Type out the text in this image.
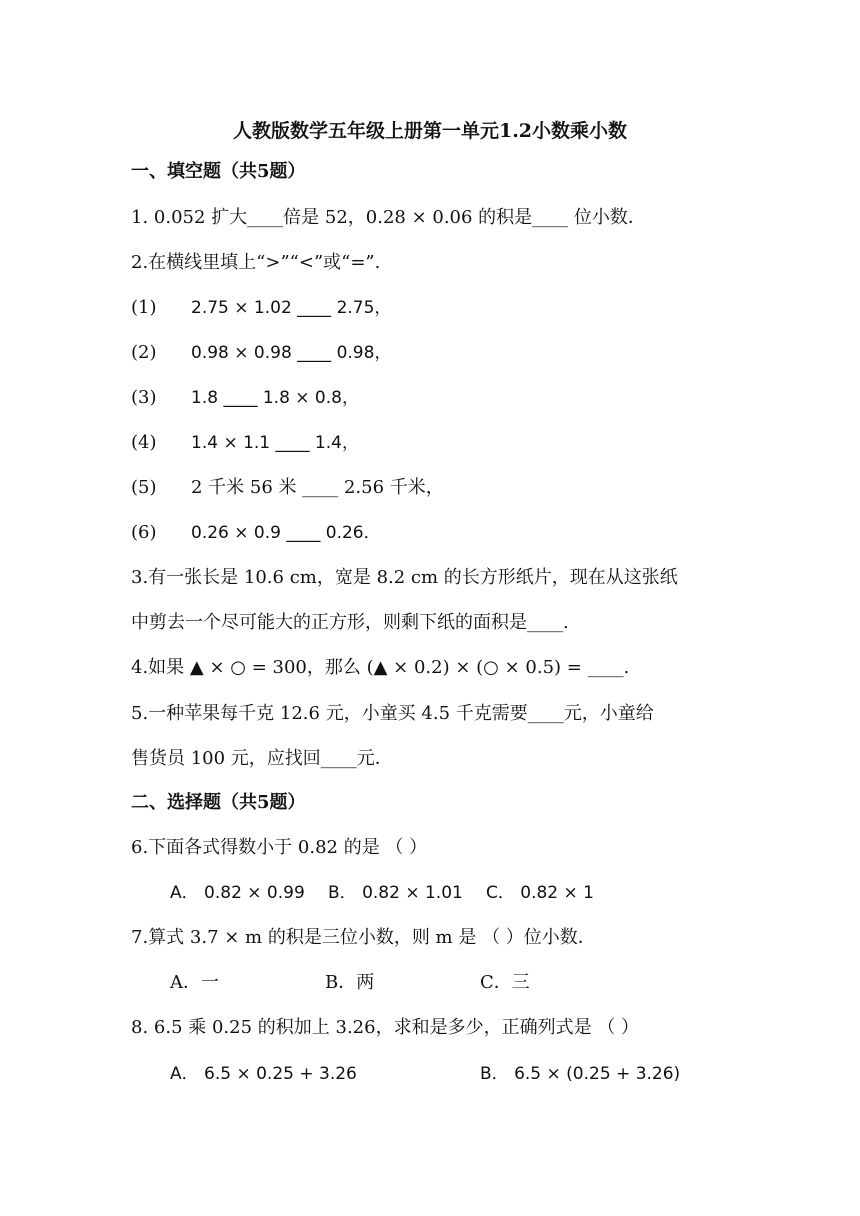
人教版数学五年级上册第一单元1.2小数乘小数
一、填空题（共5题）
1. 0.052 扩大____倍是 52，0.28 × 0.06 的积是____ 位小数．
2.在横线里填上“>”“<”或“=”.
(1) 2.75 × 1.02 ____ 2.75，
(2) 0.98 × 0.98 ____ 0.98，
(3) 1.8 ____ 1.8 × 0.8，
(4) 1.4 × 1.1 ____ 1.4，
(5) 2 千米 56 米 ____ 2.56 千米，
(6) 0.26 × 0.9 ____ 0.26．
3.有一张长是 10.6 cm，宽是 8.2 cm 的长方形纸片，现在从这张纸
中剪去一个尽可能大的正方形，则剩下纸的面积是____.
4.如果 ▲ × ○ = 300，那么 (▲ × 0.2) × (○ × 0.5) = ____.
5.一种苹果每千克 12.6 元，小童买 4.5 千克需要____元，小童给
售货员 100 元，应找回____元．
二、选择题（共5题）
6.下面各式得数小于 0.82 的是 （ ）
A． 0.82 × 0.99 B． 0.82 × 1.01 C． 0.82 × 1
7.算式 3.7 × m 的积是三位小数，则 m 是 （ ）位小数．
A．一	B．两	C．三
8. 6.5 乘 0.25 的积加上 3.26，求和是多少，正确列式是 （ ）
A． 6.5 × 0.25 + 3.26	B． 6.5 × (0.25 + 3.26)
